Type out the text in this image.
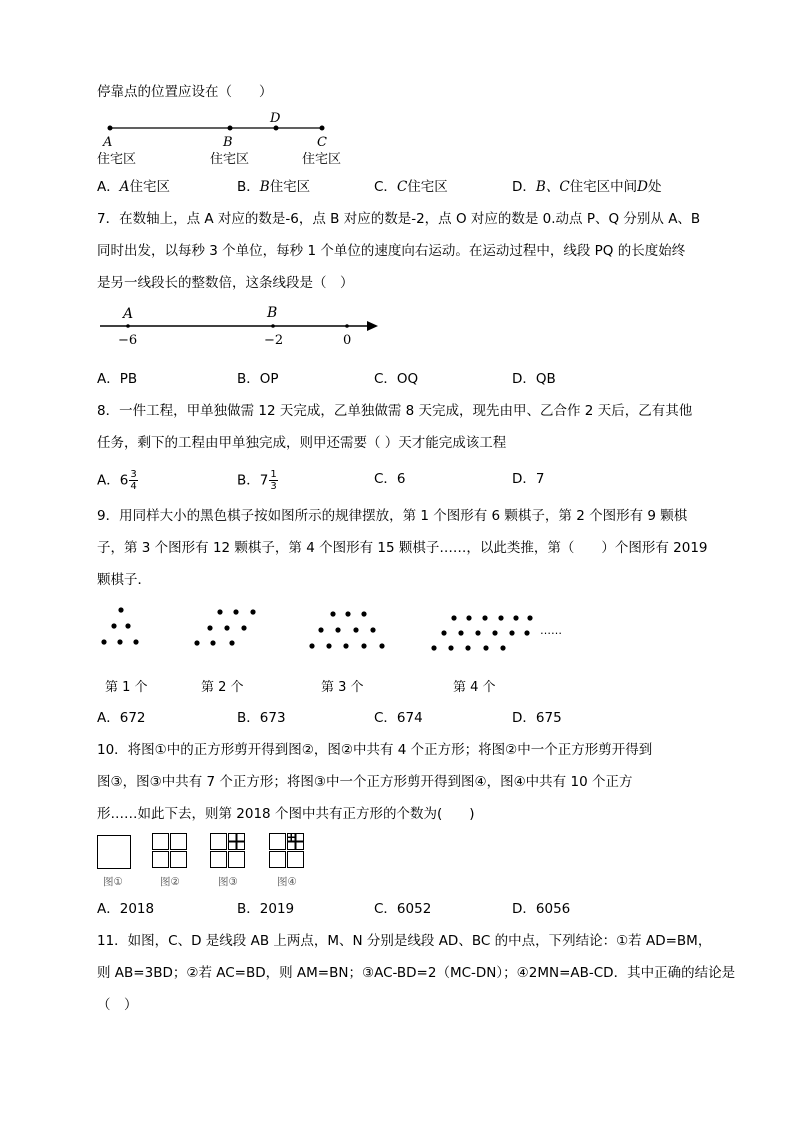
停靠点的位置应设在（　　）
A	B
D
C
住宅区	住宅区	住宅区
A．A住宅区	B．B住宅区	C．C住宅区	D．B、C住宅区中间D处
7．在数轴上，点 A 对应的数是-6，点 B 对应的数是-2，点 O 对应的数是 0.动点 P、Q 分别从 A、B
同时出发，以每秒 3 个单位，每秒 1 个单位的速度向右运动。在运动过程中，线段 PQ 的长度始终
是另一线段长的整数倍，这条线段是（　）
A	B
−6	−2	0
A．PB	B．OP	C．OQ	D．QB
8．一件工程，甲单独做需 12 天完成，乙单独做需 8 天完成，现先由甲、乙合作 2 天后，乙有其他
任务，剩下的工程由甲单独完成，则甲还需要（ ）天才能完成该工程
A．$6 \frac{3}{4}$	B．$7 \frac{1}{3}$	C．6	D．7
9．用同样大小的黑色棋子按如图所示的规律摆放，第 1 个图形有 6 颗棋子，第 2 个图形有 9 颗棋
子，第 3 个图形有 12 颗棋子，第 4 个图形有 15 颗棋子……，以此类推，第（　　）个图形有 2019
颗棋子．
……
第 1 个	第 2 个	第 3 个	第 4 个
A．672	B．673	C．674	D．675
10．将图①中的正方形剪开得到图②，图②中共有 4 个正方形；将图②中一个正方形剪开得到
图③，图③中共有 7 个正方形；将图③中一个正方形剪开得到图④，图④中共有 10 个正方
形……如此下去，则第 2018 个图中共有正方形的个数为(　　)
图①	图②	图③	图④
A．2018	B．2019	C．6052	D．6056
11．如图，C、D 是线段 AB 上两点，M、N 分别是线段 AD、BC 的中点，下列结论：①若 AD=BM，
则 AB=3BD；②若 AC=BD，则 AM=BN；③AC-BD=2（MC-DN）；④2MN=AB-CD．其中正确的结论是
（　）
